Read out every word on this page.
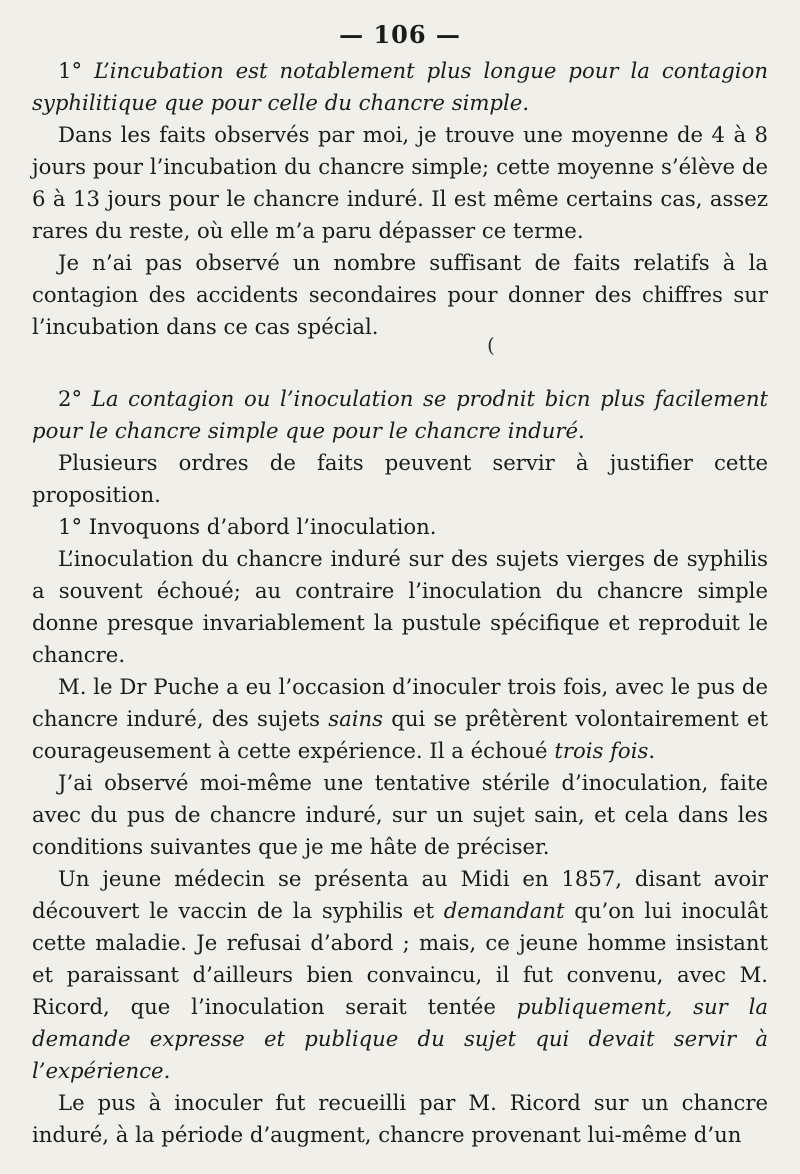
— 106 —

1° L’incubation est notablement plus longue pour la contagion syphilitique que pour celle du chancre simple.

Dans les faits observés par moi, je trouve une moyenne de 4 à 8 jours pour l’incubation du chancre simple; cette moyenne s’élève de 6 à 13 jours pour le chancre induré. Il est même certains cas, assez rares du reste, où elle m’a paru dépasser ce terme.

Je n’ai pas observé un nombre suffisant de faits relatifs à la contagion des accidents secondaires pour donner des chiffres sur l’incubation dans ce cas spécial.

2° La contagion ou l’inoculation se prodnit bicn plus facilement pour le chancre simple que pour le chancre induré.

Plusieurs ordres de faits peuvent servir à justifier cette proposition.

1° Invoquons d’abord l’inoculation.

L’inoculation du chancre induré sur des sujets vierges de syphilis a souvent échoué; au contraire l’inoculation du chancre simple donne presque invariablement la pustule spécifique et reproduit le chancre.

M. le Dr Puche a eu l’occasion d’inoculer trois fois, avec le pus de chancre induré, des sujets sains qui se prêtèrent volontairement et courageusement à cette expérience. Il a échoué trois fois.

J’ai observé moi-même une tentative stérile d’inoculation, faite avec du pus de chancre induré, sur un sujet sain, et cela dans les conditions suivantes que je me hâte de préciser.

Un jeune médecin se présenta au Midi en 1857, disant avoir découvert le vaccin de la syphilis et demandant qu’on lui inoculât cette maladie. Je refusai d’abord ; mais, ce jeune homme insistant et paraissant d’ailleurs bien convaincu, il fut convenu, avec M. Ricord, que l’inoculation serait tentée publiquement, sur la demande expresse et publique du sujet qui devait servir à l’expérience.

Le pus à inoculer fut recueilli par M. Ricord sur un chancre induré, à la période d’augment, chancre provenant lui-même d’un

(
